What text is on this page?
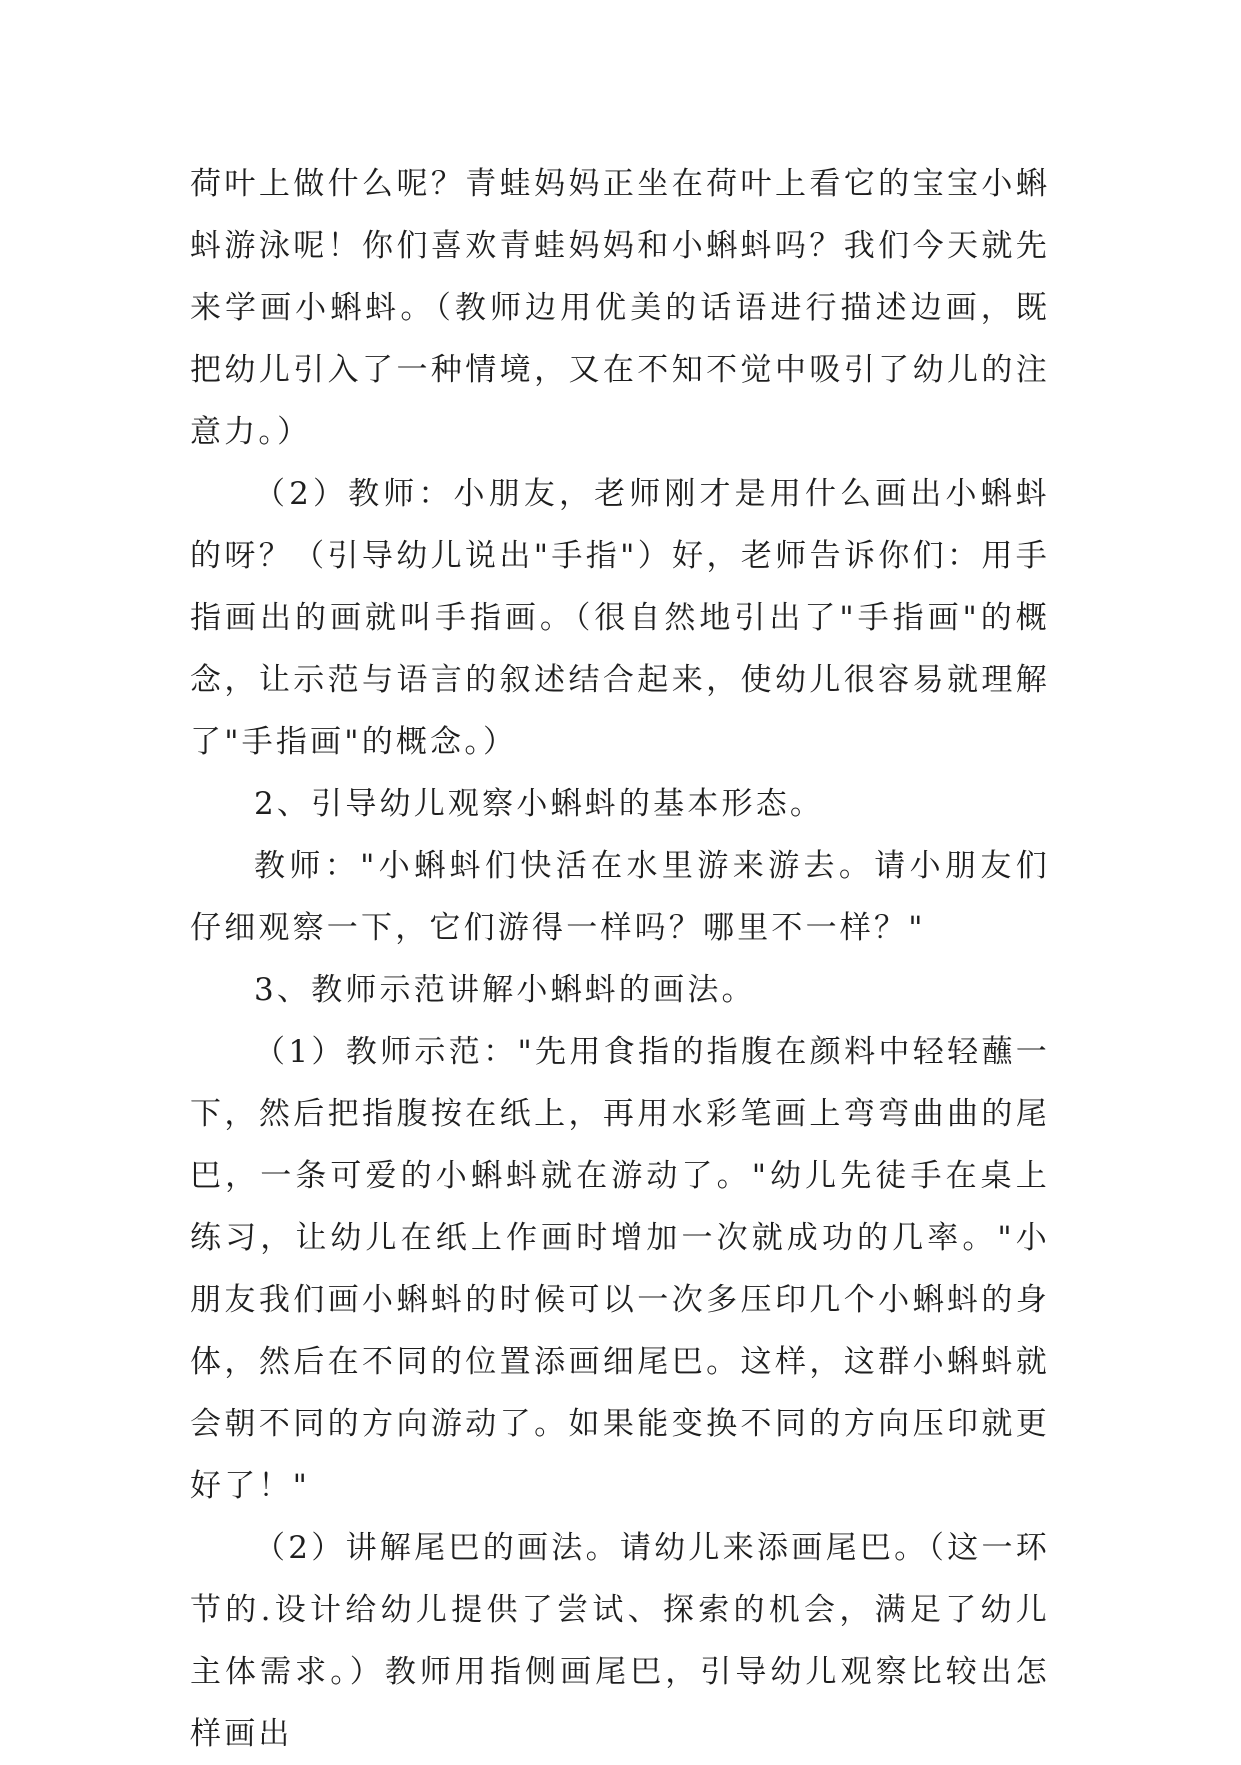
荷叶上做什么呢？青蛙妈妈正坐在荷叶上看它的宝宝小蝌蚪游泳呢！你们喜欢青蛙妈妈和小蝌蚪吗？我们今天就先来学画小蝌蚪。（教师边用优美的话语进行描述边画，既把幼儿引入了一种情境，又在不知不觉中吸引了幼儿的注意力。）

（2）教师：小朋友，老师刚才是用什么画出小蝌蚪的呀？（引导幼儿说出"手指"）好，老师告诉你们：用手指画出的画就叫手指画。（很自然地引出了"手指画"的概念，让示范与语言的叙述结合起来，使幼儿很容易就理解了"手指画"的概念。）

2、引导幼儿观察小蝌蚪的基本形态。

教师："小蝌蚪们快活在水里游来游去。请小朋友们仔细观察一下，它们游得一样吗？哪里不一样？"

3、教师示范讲解小蝌蚪的画法。

（1）教师示范："先用食指的指腹在颜料中轻轻蘸一下，然后把指腹按在纸上，再用水彩笔画上弯弯曲曲的尾巴，一条可爱的小蝌蚪就在游动了。"幼儿先徒手在桌上练习，让幼儿在纸上作画时增加一次就成功的几率。"小朋友我们画小蝌蚪的时候可以一次多压印几个小蝌蚪的身体，然后在不同的位置添画细尾巴。这样，这群小蝌蚪就会朝不同的方向游动了。如果能变换不同的方向压印就更好了！"

（2）讲解尾巴的画法。请幼儿来添画尾巴。（这一环节的.设计给幼儿提供了尝试、探索的机会，满足了幼儿主体需求。）教师用指侧画尾巴，引导幼儿观察比较出怎样画出
